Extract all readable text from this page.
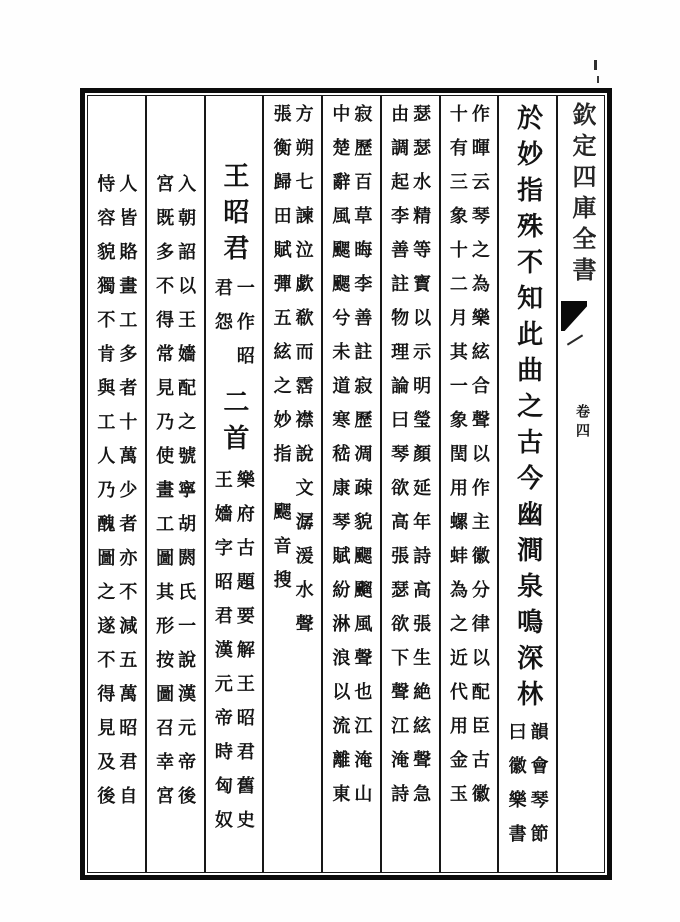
欽定四庫全書
卷四
於妙指殊不知此曲之古今幽澗泉鳴深林
韻會琴節
曰徽樂書
作暉云琴之為樂絃合聲以作主徽分律以配臣古徽
十有三象十二月其一象閏用螺蚌為之近代用金玉
瑟瑟水精等寳以示明瑩顏延年詩高張生絶絃聲急
由調起李善註物理論曰琴欲高張瑟欲下聲江淹詩
寂歷百草晦李善註寂歷凋疎貌颸飀風聲也江淹山
中楚辭風颸颸兮未道寒嵇康琴賦紛淋浪以流離東
方朔七諫泣歔欷而霑襟說文潺湲水聲
張衡歸田賦彈五絃之妙指
颸音搜
王昭君
一作昭
君怨
二首
樂府古題要解王昭君舊史
王嬙字昭君漢元帝時匈奴
入朝詔以王嬙配之號寧胡閼氏一說漢元帝後
宮既多不得常見乃使畫工圖其形按圖召幸宮
人皆賂畫工多者十萬少者亦不減五萬昭君自
恃容貌獨不肯與工人乃醜圖之遂不得見及後
